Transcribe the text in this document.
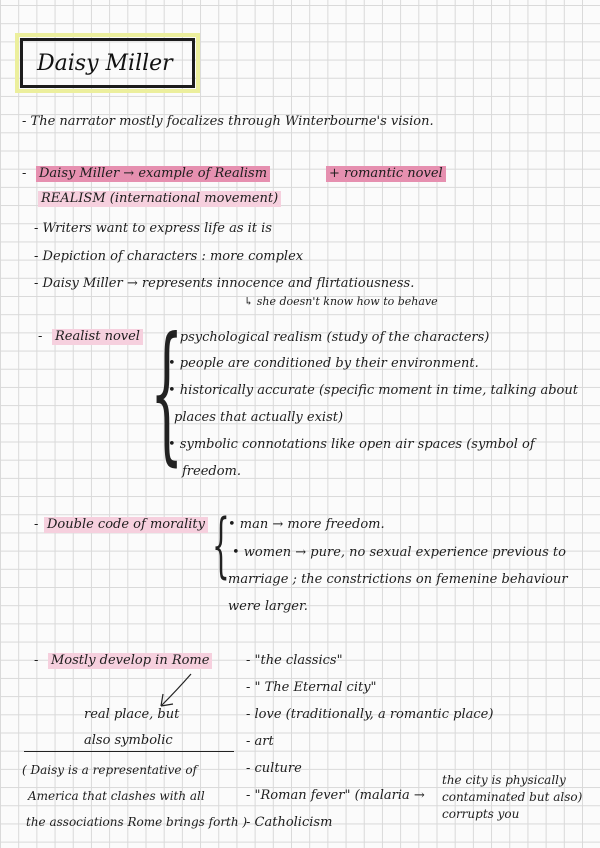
Daisy Miller
- The narrator mostly focalizes through Winterbourne's vision.
- Daisy Miller → example of Realism	+ romantic novel
REALISM (international movement)
- Writers want to express life as it is
- Depiction of characters : more complex
- Daisy Miller → represents innocence and flirtatiousness.
↳ she doesn't know how to behave
- Realist novel {
• psychological realism (study of the characters)
• people are conditioned by their environment.
• historically accurate (specific moment in time, talking about
places that actually exist)
• symbolic connotations like open air spaces (symbol of
freedom.
- Double code of morality {
• man → more freedom.
• women → pure, no sexual experience previous to
marriage ; the constrictions on femenine behaviour
were larger.
- Mostly develop in Rome
real place, but
also symbolic
( Daisy is a representative of
America that clashes with all
the associations Rome brings forth )
- "the classics"
- " The Eternal city"
- love (traditionally, a romantic place)
- art
- culture
- "Roman fever" (malaria →
- Catholicism
the city is physically
contaminated but also)
corrupts you
